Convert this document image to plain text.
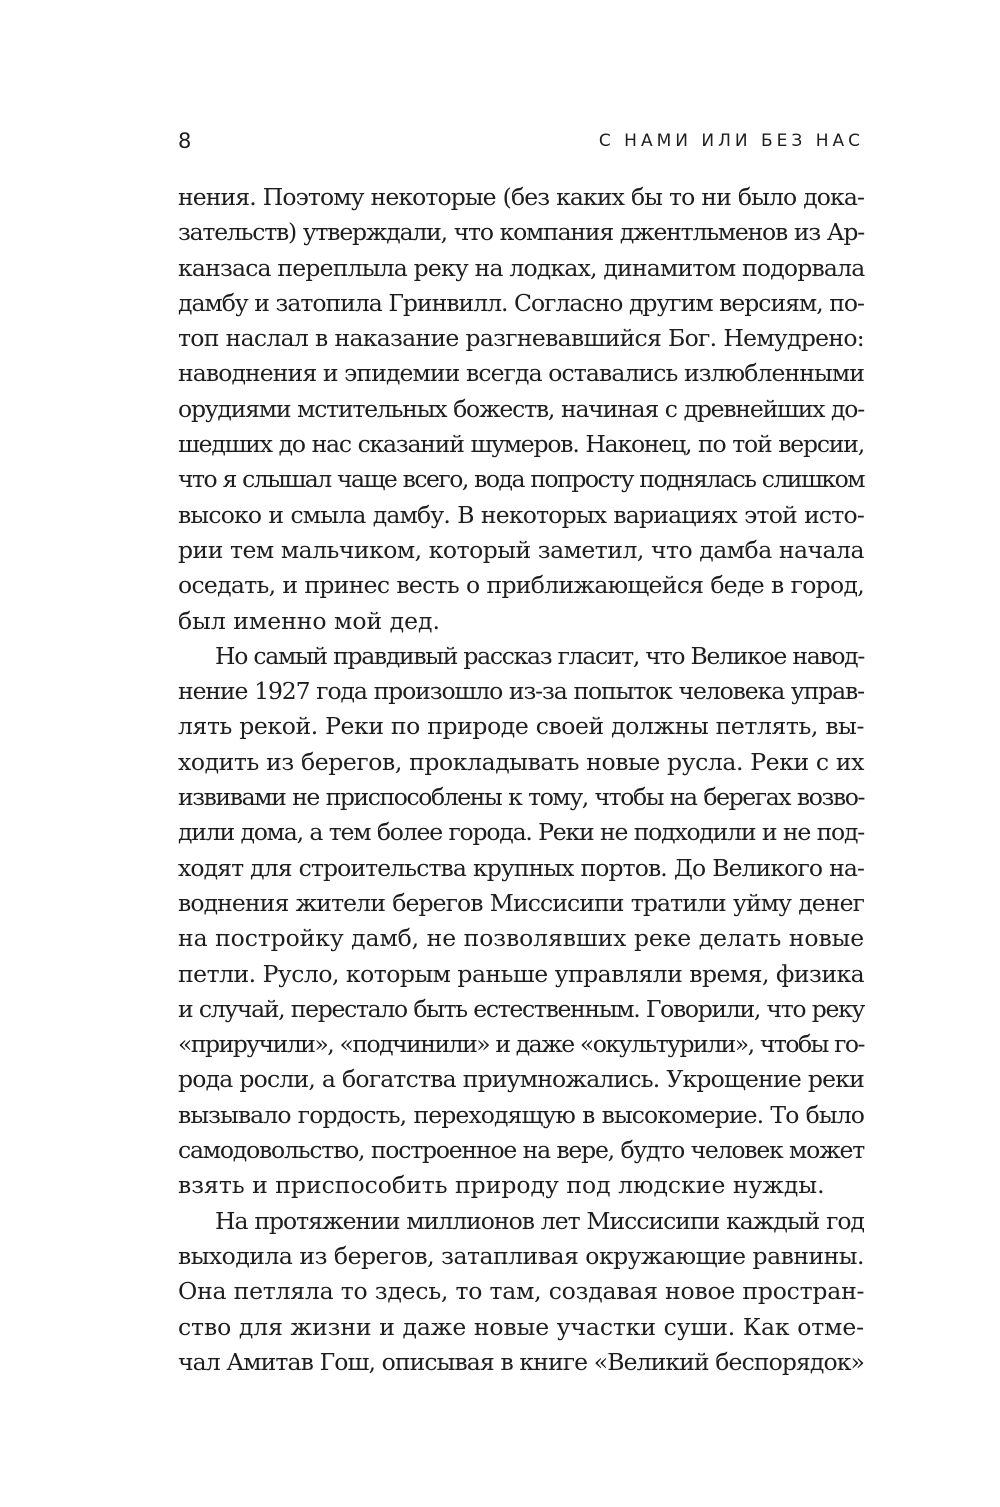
8	С НАМИ ИЛИ БЕЗ НАС
нения. Поэтому некоторые (без каких бы то ни было дока-
зательств) утверждали, что компания джентльменов из Ар-
канзаса переплыла реку на лодках, динамитом подорвала
дамбу и затопила Гринвилл. Согласно другим версиям, по-
топ наслал в наказание разгневавшийся Бог. Немудрено:
наводнения и эпидемии всегда оставались излюбленными
орудиями мстительных божеств, начиная с древнейших до-
шедших до нас сказаний шумеров. Наконец, по той версии,
что я слышал чаще всего, вода попросту поднялась слишком
высоко и смыла дамбу. В некоторых вариациях этой исто-
рии тем мальчиком, который заметил, что дамба начала
оседать, и принес весть о приближающейся беде в город,
был именно мой дед.
Но самый правдивый рассказ гласит, что Великое навод-
нение 1927 года произошло из-за попыток человека управ-
лять рекой. Реки по природе своей должны петлять, вы-
ходить из берегов, прокладывать новые русла. Реки с их
извивами не приспособлены к тому, чтобы на берегах возво-
дили дома, а тем более города. Реки не подходили и не под-
ходят для строительства крупных портов. До Великого на-
воднения жители берегов Миссисипи тратили уйму денег
на постройку дамб, не позволявших реке делать новые
петли. Русло, которым раньше управляли время, физика
и случай, перестало быть естественным. Говорили, что реку
«приручили», «подчинили» и даже «окультурили», чтобы го-
рода росли, а богатства приумножались. Укрощение реки
вызывало гордость, переходящую в высокомерие. То было
самодовольство, построенное на вере, будто человек может
взять и приспособить природу под людские нужды.
На протяжении миллионов лет Миссисипи каждый год
выходила из берегов, затапливая окружающие равнины.
Она петляла то здесь, то там, создавая новое простран-
ство для жизни и даже новые участки суши. Как отме-
чал Амитав Гош, описывая в книге «Великий беспорядок»
